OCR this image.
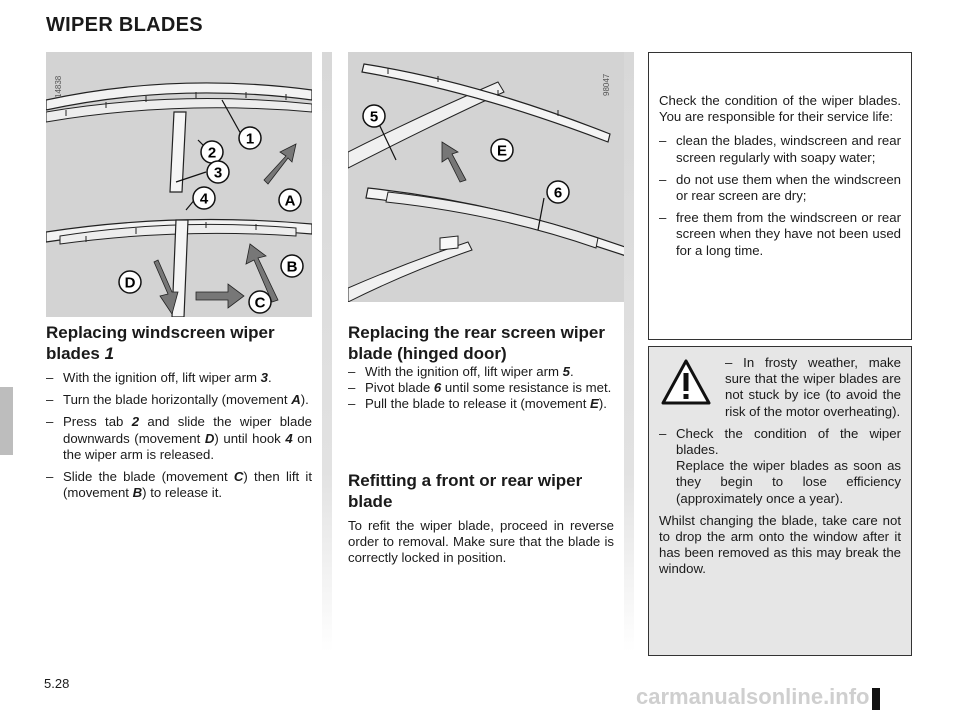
WIPER BLADES
14838
1
2
3
4	A
B
C
D
98047
5
E
6
Replacing windscreen wiper blades 1
– With the ignition off, lift wiper arm 3.
– Turn the blade horizontally (movement A).
– Press tab 2 and slide the wiper blade downwards (movement D) until hook 4 on the wiper arm is released.
– Slide the blade (movement C) then lift it (movement B) to release it.
Replacing the rear screen wiper blade (hinged door)
– With the ignition off, lift wiper arm 5.
– Pivot blade 6 until some resistance is met.
– Pull the blade to release it (movement E).
Refitting a front or rear wiper blade

To refit the wiper blade, proceed in reverse order to removal. Make sure that the blade is correctly locked in position.

Check the condition of the wiper blades. You are responsible for their service life:

– clean the blades, windscreen and rear screen regularly with soapy water;
– do not use them when the windscreen or rear screen are dry;
– free them from the windscreen or rear screen when they have not been used for a long time.
– In frosty weather, make sure that the wiper blades are not stuck by ice (to avoid the risk of the motor overheating).
– Check the condition of the wiper blades.
Replace the wiper blades as soon as they begin to lose efficiency (approximately once a year).

Whilst changing the blade, take care not to drop the arm onto the window after it has been removed as this may break the window.

5.28
carmanualsonline.info
